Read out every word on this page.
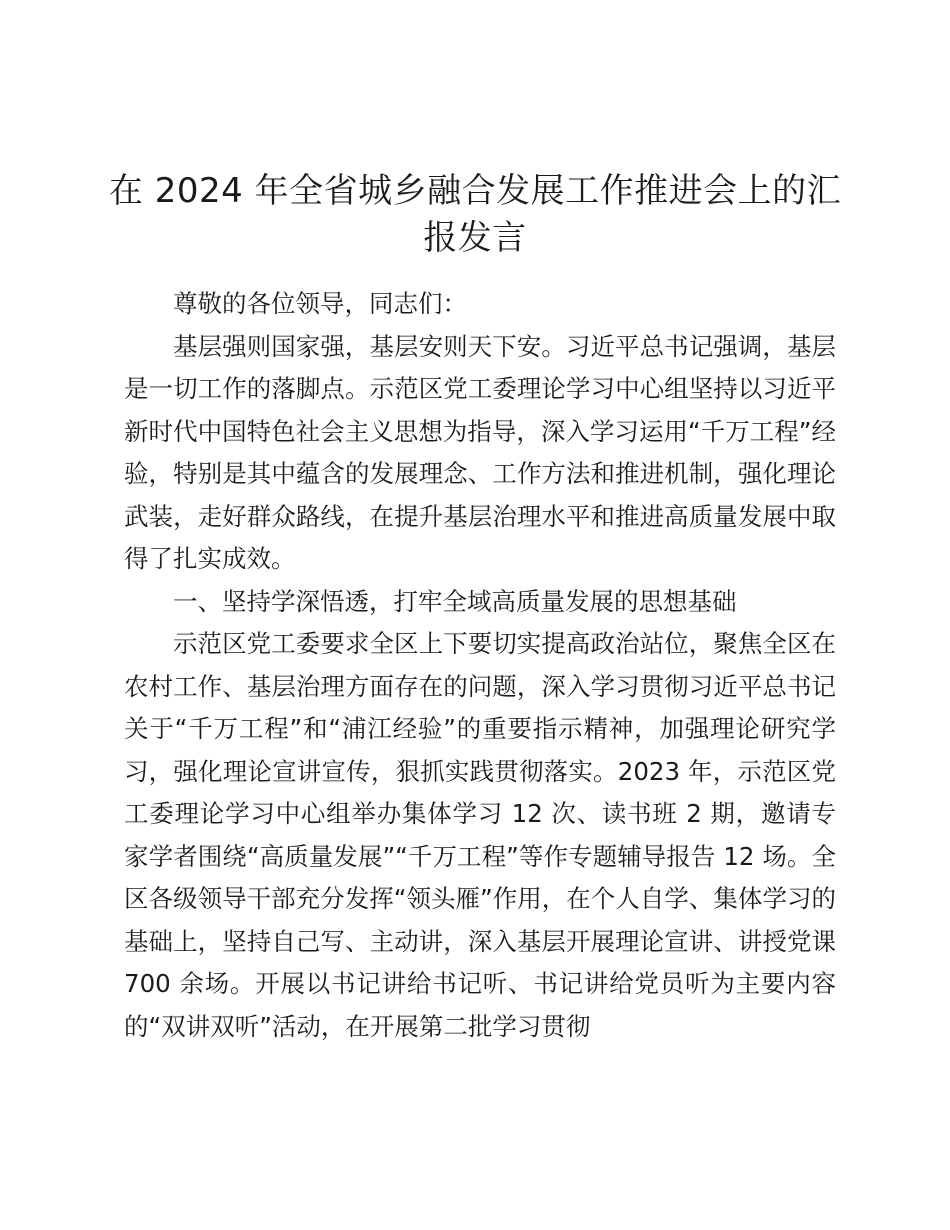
在 2024 年全省城乡融合发展工作推进会上的汇报发言

尊敬的各位领导，同志们：

基层强则国家强，基层安则天下安。习近平总书记强调，基层是一切工作的落脚点。示范区党工委理论学习中心组坚持以习近平新时代中国特色社会主义思想为指导，深入学习运用“千万工程”经验，特别是其中蕴含的发展理念、工作方法和推进机制，强化理论武装，走好群众路线，在提升基层治理水平和推进高质量发展中取得了扎实成效。

一、坚持学深悟透，打牢全域高质量发展的思想基础

示范区党工委要求全区上下要切实提高政治站位，聚焦全区在农村工作、基层治理方面存在的问题，深入学习贯彻习近平总书记关于“千万工程”和“浦江经验”的重要指示精神，加强理论研究学习，强化理论宣讲宣传，狠抓实践贯彻落实。2023 年，示范区党工委理论学习中心组举办集体学习 12 次、读书班 2 期，邀请专家学者围绕“高质量发展”“千万工程”等作专题辅导报告 12 场。全区各级领导干部充分发挥“领头雁”作用，在个人自学、集体学习的基础上，坚持自己写、主动讲，深入基层开展理论宣讲、讲授党课 700 余场。开展以书记讲给书记听、书记讲给党员听为主要内容的“双讲双听”活动，在开展第二批学习贯彻
